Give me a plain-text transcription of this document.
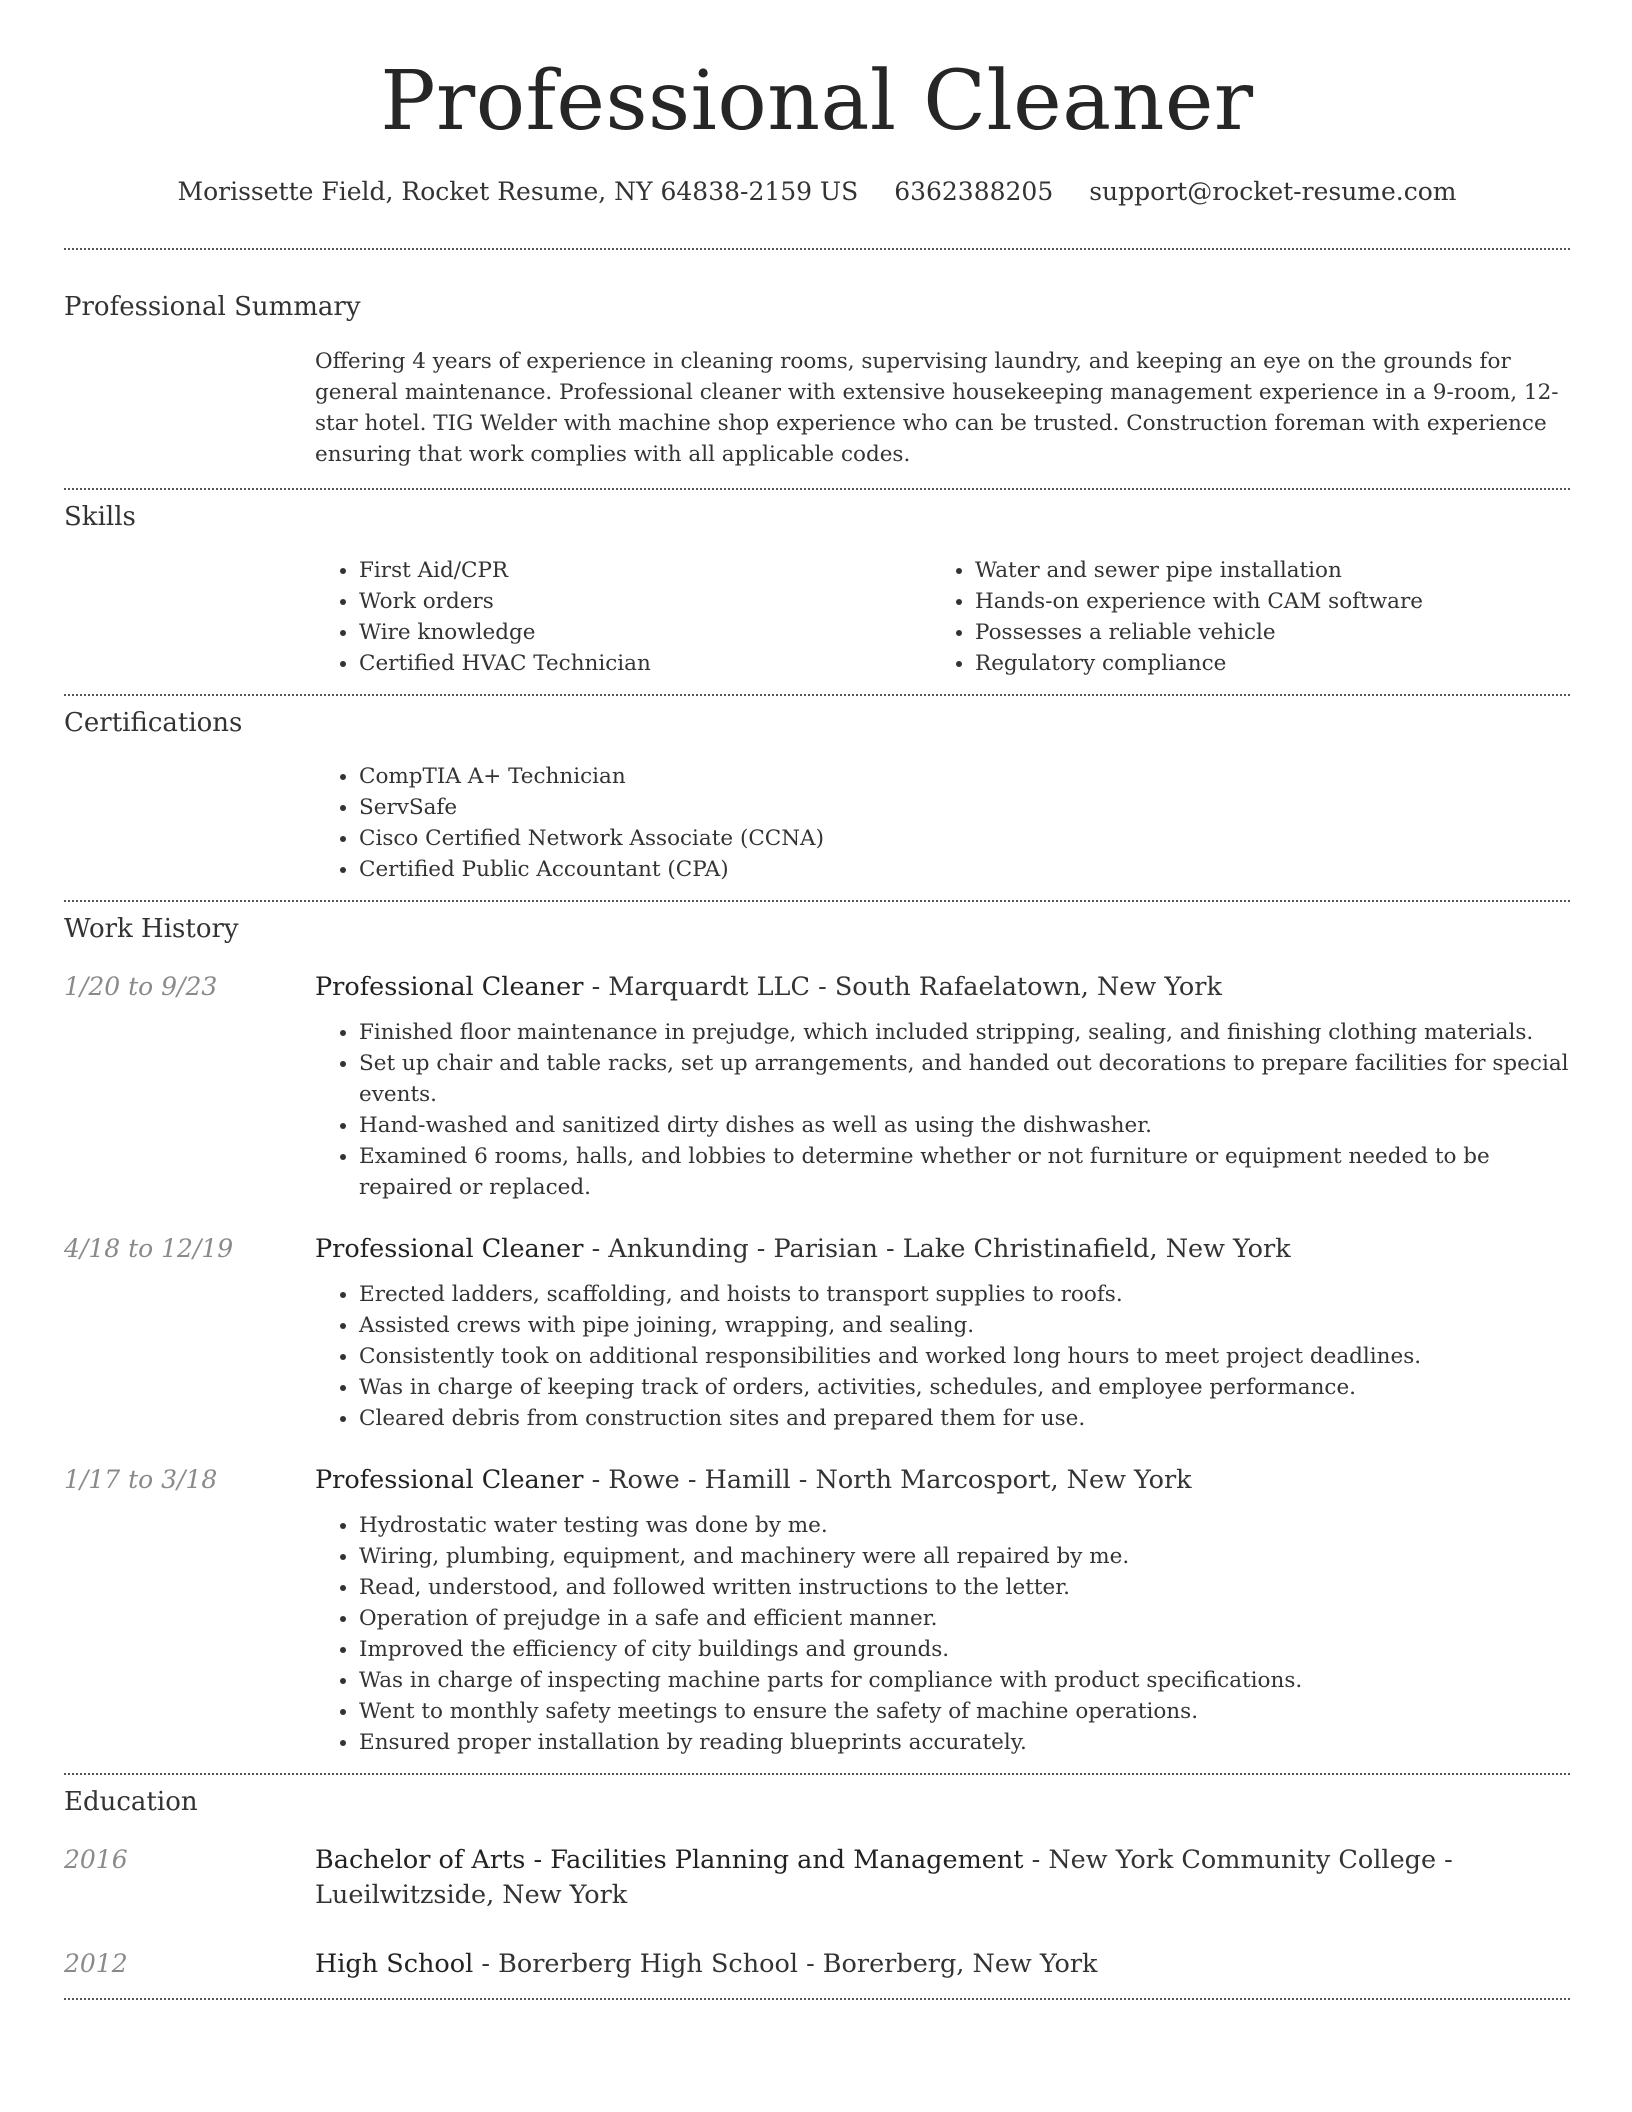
Professional Cleaner
Morissette Field, Rocket Resume, NY 64838-2159 US 6362388205 support@rocket-resume.com
Professional Summary
Offering 4 years of experience in cleaning rooms, supervising laundry, and keeping an eye on the grounds for general maintenance. Professional cleaner with extensive housekeeping management experience in a 9-room, 12-star hotel. TIG Welder with machine shop experience who can be trusted. Construction foreman with experience ensuring that work complies with all applicable codes.
Skills
• First Aid/CPR
• Work orders
• Wire knowledge
• Certified HVAC Technician
• Water and sewer pipe installation
• Hands-on experience with CAM software
• Possesses a reliable vehicle
• Regulatory compliance
Certifications
• CompTIA A+ Technician
• ServSafe
• Cisco Certified Network Associate (CCNA)
• Certified Public Accountant (CPA)
Work History
1/20 to 9/23	Professional Cleaner - Marquardt LLC - South Rafaelatown, New York
• Finished floor maintenance in prejudge, which included stripping, sealing, and finishing clothing materials.
• Set up chair and table racks, set up arrangements, and handed out decorations to prepare facilities for special events.
• Hand-washed and sanitized dirty dishes as well as using the dishwasher.
• Examined 6 rooms, halls, and lobbies to determine whether or not furniture or equipment needed to be repaired or replaced.
4/18 to 12/19	Professional Cleaner - Ankunding - Parisian - Lake Christinafield, New York
• Erected ladders, scaffolding, and hoists to transport supplies to roofs.
• Assisted crews with pipe joining, wrapping, and sealing.
• Consistently took on additional responsibilities and worked long hours to meet project deadlines.
• Was in charge of keeping track of orders, activities, schedules, and employee performance.
• Cleared debris from construction sites and prepared them for use.
1/17 to 3/18	Professional Cleaner - Rowe - Hamill - North Marcosport, New York
• Hydrostatic water testing was done by me.
• Wiring, plumbing, equipment, and machinery were all repaired by me.
• Read, understood, and followed written instructions to the letter.
• Operation of prejudge in a safe and efficient manner.
• Improved the efficiency of city buildings and grounds.
• Was in charge of inspecting machine parts for compliance with product specifications.
• Went to monthly safety meetings to ensure the safety of machine operations.
• Ensured proper installation by reading blueprints accurately.
Education
2016	Bachelor of Arts - Facilities Planning and Management - New York Community College - Lueilwitzside, New York
2012	High School - Borerberg High School - Borerberg, New York
